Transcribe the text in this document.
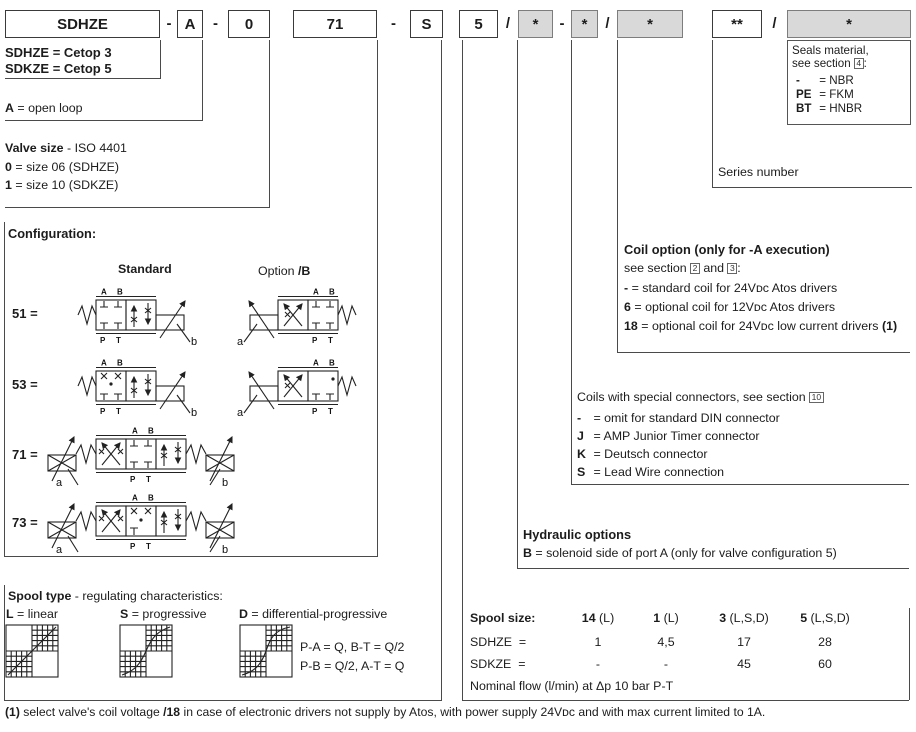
SDHZE	- A	-	0	71	-	S	5	/	*	-	*	/	*	**	/	*
SDHZE = Cetop 3
SDKZE = Cetop 5
A = open loop
Valve size - ISO 4401
0 = size 06 (SDHZE)
1 = size 10 (SDKZE)
Configuration:
Standard	Option /B
51 =
53 =
71 =
73 =
A B
P T	b	a
A B
P T
A B
P T	b	a
A B
P T
a
A B
P T	b
a
A B
P T	b
Spool type - regulating characteristics:
L = linear	S = progressive	D = differential-progressive
P-A = Q, B-T = Q/2
P-B = Q/2, A-T = Q
Spool size:	14 (L)	1 (L)	3 (L,S,D)	5 (L,S,D)
SDHZE =	1	4,5	17	28
SDKZE =	-	-	45	60
Nominal flow (l/min) at Δp 10 bar P-T
Hydraulic options
B = solenoid side of port A (only for valve configuration 5)
Coils with special connectors, see section 10
- = omit for standard DIN connector
J = AMP Junior Timer connector
K = Deutsch connector
S = Lead Wire connection
Coil option (only for -A execution)
see section 2 and 3 :
- = standard coil for 24Vᴅᴄ Atos drivers
6 = optional coil for 12Vᴅᴄ Atos drivers
18 = optional coil for 24Vᴅᴄ low current drivers (1)
Series number
Seals material,
see section 4 :
- = NBR
PE = FKM
BT = HNBR
(1) select valve's coil voltage /18 in case of electronic drivers not supply by Atos, with power supply 24Vᴅᴄ and with max current limited to 1A.
